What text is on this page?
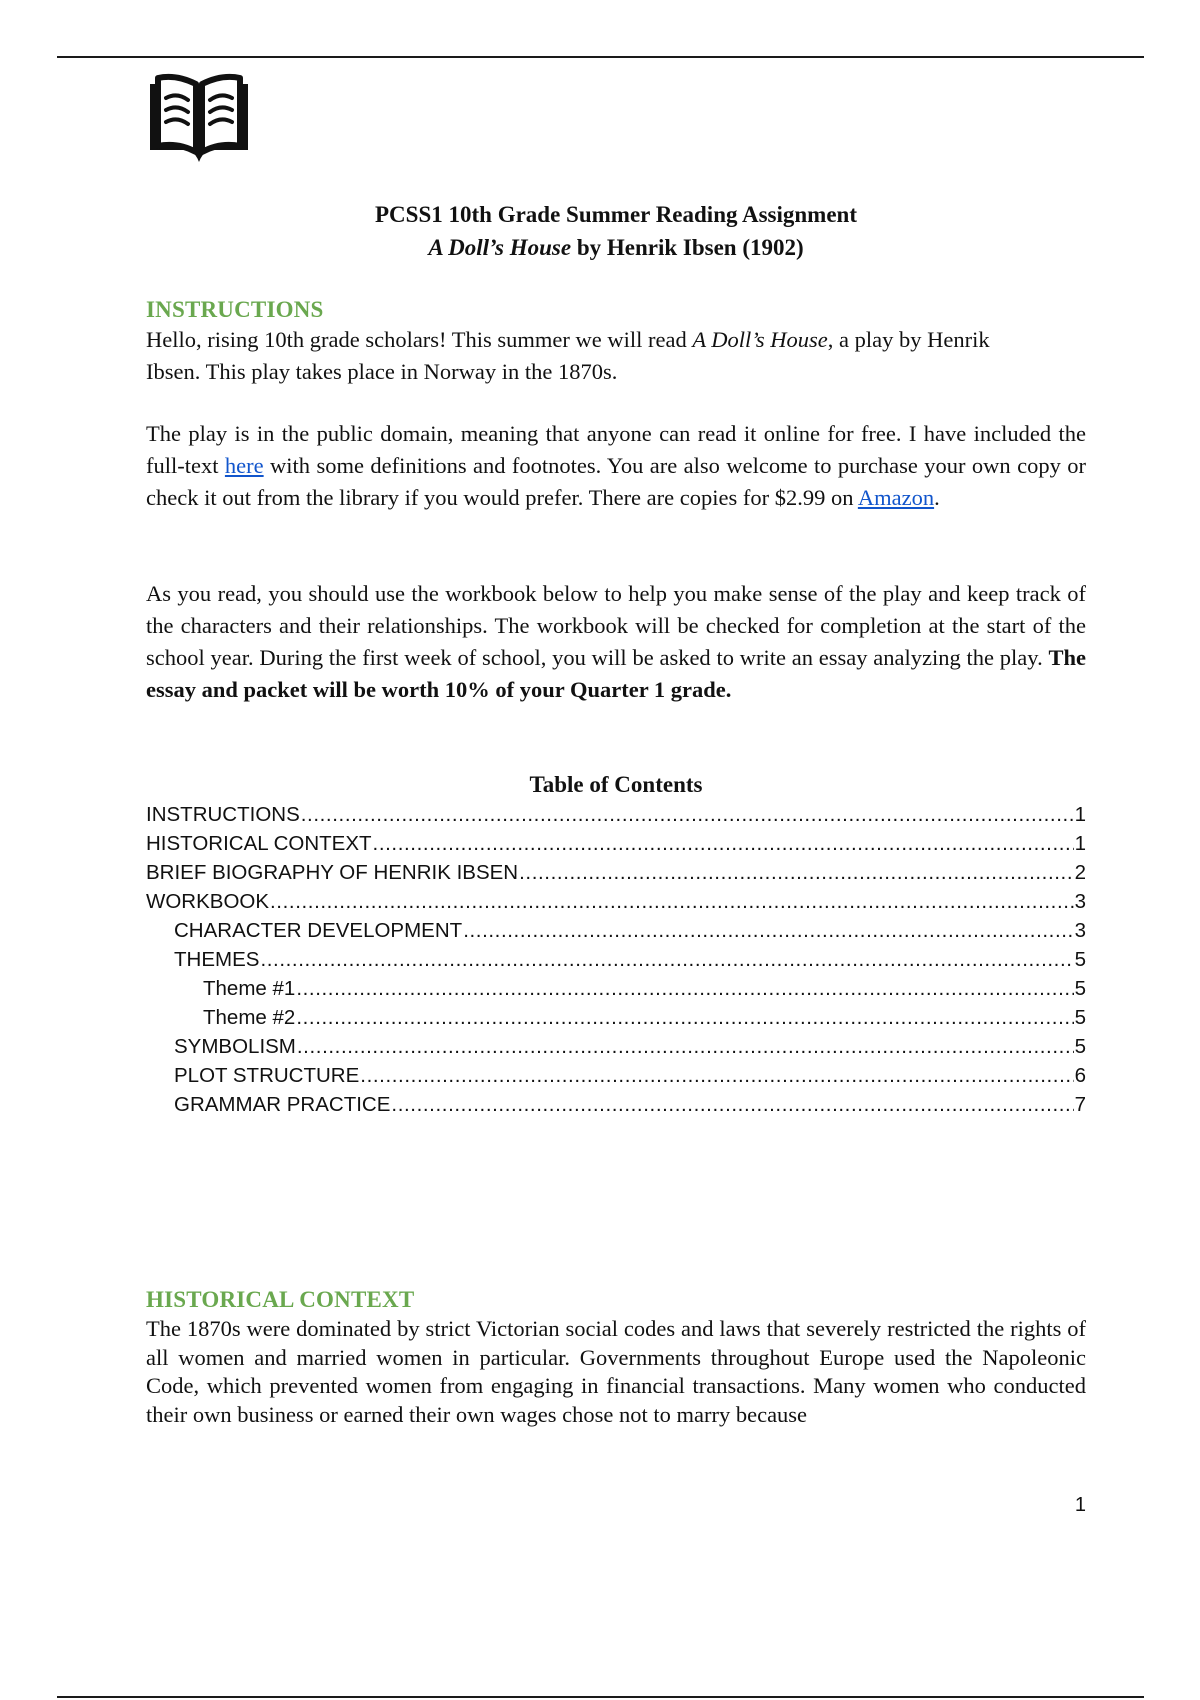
PCSS1 10th Grade Summer Reading Assignment
A Doll’s House by Henrik Ibsen (1902)
INSTRUCTIONS
Hello, rising 10th grade scholars! This summer we will read A Doll’s House, a play by Henrik
Ibsen. This play takes place in Norway in the 1870s.
The play is in the public domain, meaning that anyone can read it online for free. I have included the full-text here with some definitions and footnotes. You are also welcome to purchase your own copy or check it out from the library if you would prefer. There are copies for $2.99 on Amazon.
As you read, you should use the workbook below to help you make sense of the play and keep track of the characters and their relationships. The workbook will be checked for completion at the start of the school year. During the first week of school, you will be asked to write an essay analyzing the play. The essay and packet will be worth 10% of your Quarter 1 grade.
Table of Contents
INSTRUCTIONS .....	1
HISTORICAL CONTEXT .....	1
BRIEF BIOGRAPHY OF HENRIK IBSEN .....	2
WORKBOOK .....	3
CHARACTER DEVELOPMENT .....	3
THEMES .....	5
Theme #1 .....	5
Theme #2 .....	5
SYMBOLISM .....	5
PLOT STRUCTURE .....	6
GRAMMAR PRACTICE .....	7
HISTORICAL CONTEXT
The 1870s were dominated by strict Victorian social codes and laws that severely restricted the rights of all women and married women in particular. Governments throughout Europe used the Napoleonic Code, which prevented women from engaging in financial transactions. Many women who conducted their own business or earned their own wages chose not to marry because
1
